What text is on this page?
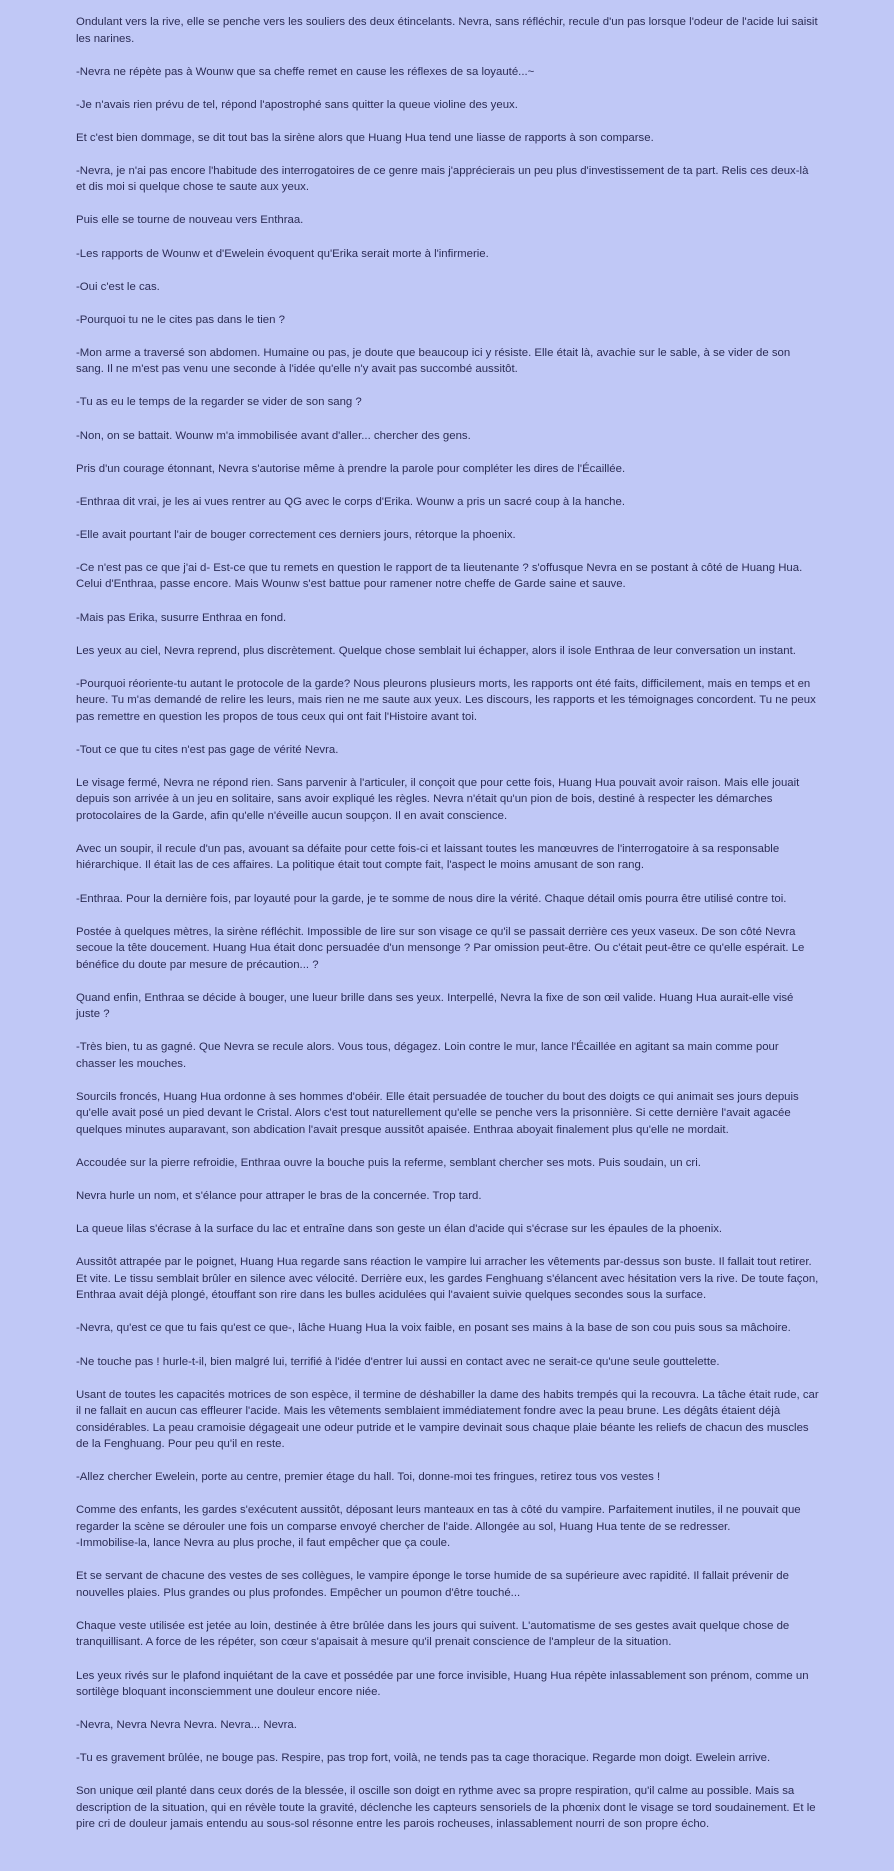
Ondulant vers la rive, elle se penche vers les souliers des deux étincelants. Nevra, sans réfléchir, recule d'un pas lorsque l'odeur de l'acide lui saisit les narines.

-Nevra ne répète pas à Wounw que sa cheffe remet en cause les réflexes de sa loyauté...~

-Je n'avais rien prévu de tel, répond l'apostrophé sans quitter la queue violine des yeux.

Et c'est bien dommage, se dit tout bas la sirène alors que Huang Hua tend une liasse de rapports à son comparse.

-Nevra, je n'ai pas encore l'habitude des interrogatoires de ce genre mais j'apprécierais un peu plus d'investissement de ta part. Relis ces deux-là et dis moi si quelque chose te saute aux yeux.

Puis elle se tourne de nouveau vers Enthraa.

-Les rapports de Wounw et d'Ewelein évoquent qu'Erika serait morte à l'infirmerie.

-Oui c'est le cas.

-Pourquoi tu ne le cites pas dans le tien ?

-Mon arme a traversé son abdomen. Humaine ou pas, je doute que beaucoup ici y résiste. Elle était là, avachie sur le sable, à se vider de son sang. Il ne m'est pas venu une seconde à l'idée qu'elle n'y avait pas succombé aussitôt.

-Tu as eu le temps de la regarder se vider de son sang ?

-Non, on se battait. Wounw m'a immobilisée avant d'aller... chercher des gens.

Pris d'un courage étonnant, Nevra s'autorise même à prendre la parole pour compléter les dires de l'Écaillée.

-Enthraa dit vrai, je les ai vues rentrer au QG avec le corps d'Erika. Wounw a pris un sacré coup à la hanche.

-Elle avait pourtant l'air de bouger correctement ces derniers jours, rétorque la phoenix.

-Ce n'est pas ce que j'ai d- Est-ce que tu remets en question le rapport de ta lieutenante ? s'offusque Nevra en se postant à côté de Huang Hua. Celui d'Enthraa, passe encore. Mais Wounw s'est battue pour ramener notre cheffe de Garde saine et sauve.

-Mais pas Erika, susurre Enthraa en fond.

Les yeux au ciel, Nevra reprend, plus discrètement. Quelque chose semblait lui échapper, alors il isole Enthraa de leur conversation un instant.

-Pourquoi réoriente-tu autant le protocole de la garde? Nous pleurons plusieurs morts, les rapports ont été faits, difficilement, mais en temps et en heure. Tu m'as demandé de relire les leurs, mais rien ne me saute aux yeux. Les discours, les rapports et les témoignages concordent. Tu ne peux pas remettre en question les propos de tous ceux qui ont fait l'Histoire avant toi.

-Tout ce que tu cites n'est pas gage de vérité Nevra.

Le visage fermé, Nevra ne répond rien. Sans parvenir à l'articuler, il conçoit que pour cette fois, Huang Hua pouvait avoir raison. Mais elle jouait depuis son arrivée à un jeu en solitaire, sans avoir expliqué les règles. Nevra n'était qu'un pion de bois, destiné à respecter les démarches protocolaires de la Garde, afin qu'elle n'éveille aucun soupçon. Il en avait conscience.

Avec un soupir, il recule d'un pas, avouant sa défaite pour cette fois-ci et laissant toutes les manœuvres de l'interrogatoire à sa responsable hiérarchique. Il était las de ces affaires. La politique était tout compte fait, l'aspect le moins amusant de son rang.

-Enthraa. Pour la dernière fois, par loyauté pour la garde, je te somme de nous dire la vérité. Chaque détail omis pourra être utilisé contre toi.

Postée à quelques mètres, la sirène réfléchit. Impossible de lire sur son visage ce qu'il se passait derrière ces yeux vaseux. De son côté Nevra secoue la tête doucement. Huang Hua était donc persuadée d'un mensonge ? Par omission peut-être. Ou c'était peut-être ce qu'elle espérait. Le bénéfice du doute par mesure de précaution... ?

Quand enfin, Enthraa se décide à bouger, une lueur brille dans ses yeux. Interpellé, Nevra la fixe de son œil valide. Huang Hua aurait-elle visé juste ?

-Très bien, tu as gagné. Que Nevra se recule alors. Vous tous, dégagez. Loin contre le mur, lance l'Écaillée en agitant sa main comme pour chasser les mouches.

Sourcils froncés, Huang Hua ordonne à ses hommes d'obéir. Elle était persuadée de toucher du bout des doigts ce qui animait ses jours depuis qu'elle avait posé un pied devant le Cristal. Alors c'est tout naturellement qu'elle se penche vers la prisonnière. Si cette dernière l'avait agacée quelques minutes auparavant, son abdication l'avait presque aussitôt apaisée. Enthraa aboyait finalement plus qu'elle ne mordait.

Accoudée sur la pierre refroidie, Enthraa ouvre la bouche puis la referme, semblant chercher ses mots. Puis soudain, un cri.

Nevra hurle un nom, et s'élance pour attraper le bras de la concernée. Trop tard.

La queue lilas s'écrase à la surface du lac et entraîne dans son geste un élan d'acide qui s'écrase sur les épaules de la phoenix.

Aussitôt attrapée par le poignet, Huang Hua regarde sans réaction le vampire lui arracher les vêtements par-dessus son buste. Il fallait tout retirer. Et vite. Le tissu semblait brûler en silence avec vélocité. Derrière eux, les gardes Fenghuang s'élancent avec hésitation vers la rive. De toute façon, Enthraa avait déjà plongé, étouffant son rire dans les bulles acidulées qui l'avaient suivie quelques secondes sous la surface.

-Nevra, qu'est ce que tu fais qu'est ce que-, lâche Huang Hua la voix faible, en posant ses mains à la base de son cou puis sous sa mâchoire.

-Ne touche pas ! hurle-t-il, bien malgré lui, terrifié à l'idée d'entrer lui aussi en contact avec ne serait-ce qu'une seule gouttelette.

Usant de toutes les capacités motrices de son espèce, il termine de déshabiller la dame des habits trempés qui la recouvra. La tâche était rude, car il ne fallait en aucun cas effleurer l'acide. Mais les vêtements semblaient immédiatement fondre avec la peau brune. Les dégâts étaient déjà considérables. La peau cramoisie dégageait une odeur putride et le vampire devinait sous chaque plaie béante les reliefs de chacun des muscles de la Fenghuang. Pour peu qu'il en reste.

-Allez chercher Ewelein, porte au centre, premier étage du hall. Toi, donne-moi tes fringues, retirez tous vos vestes !

Comme des enfants, les gardes s'exécutent aussitôt, déposant leurs manteaux en tas à côté du vampire. Parfaitement inutiles, il ne pouvait que regarder la scène se dérouler une fois un comparse envoyé chercher de l'aide. Allongée au sol, Huang Hua tente de se redresser.
-Immobilise-la, lance Nevra au plus proche, il faut empêcher que ça coule.

Et se servant de chacune des vestes de ses collègues, le vampire éponge le torse humide de sa supérieure avec rapidité. Il fallait prévenir de nouvelles plaies. Plus grandes ou plus profondes. Empêcher un poumon d'être touché...

Chaque veste utilisée est jetée au loin, destinée à être brûlée dans les jours qui suivent. L'automatisme de ses gestes avait quelque chose de tranquillisant. A force de les répéter, son cœur s'apaisait à mesure qu'il prenait conscience de l'ampleur de la situation.

Les yeux rivés sur le plafond inquiétant de la cave et possédée par une force invisible, Huang Hua répète inlassablement son prénom, comme un sortilège bloquant inconsciemment une douleur encore niée.

-Nevra, Nevra Nevra Nevra. Nevra... Nevra.

-Tu es gravement brûlée, ne bouge pas. Respire, pas trop fort, voilà, ne tends pas ta cage thoracique. Regarde mon doigt. Ewelein arrive.

Son unique œil planté dans ceux dorés de la blessée, il oscille son doigt en rythme avec sa propre respiration, qu'il calme au possible. Mais sa description de la situation, qui en révèle toute la gravité, déclenche les capteurs sensoriels de la phœnix dont le visage se tord soudainement. Et le pire cri de douleur jamais entendu au sous-sol résonne entre les parois rocheuses, inlassablement nourri de son propre écho.
